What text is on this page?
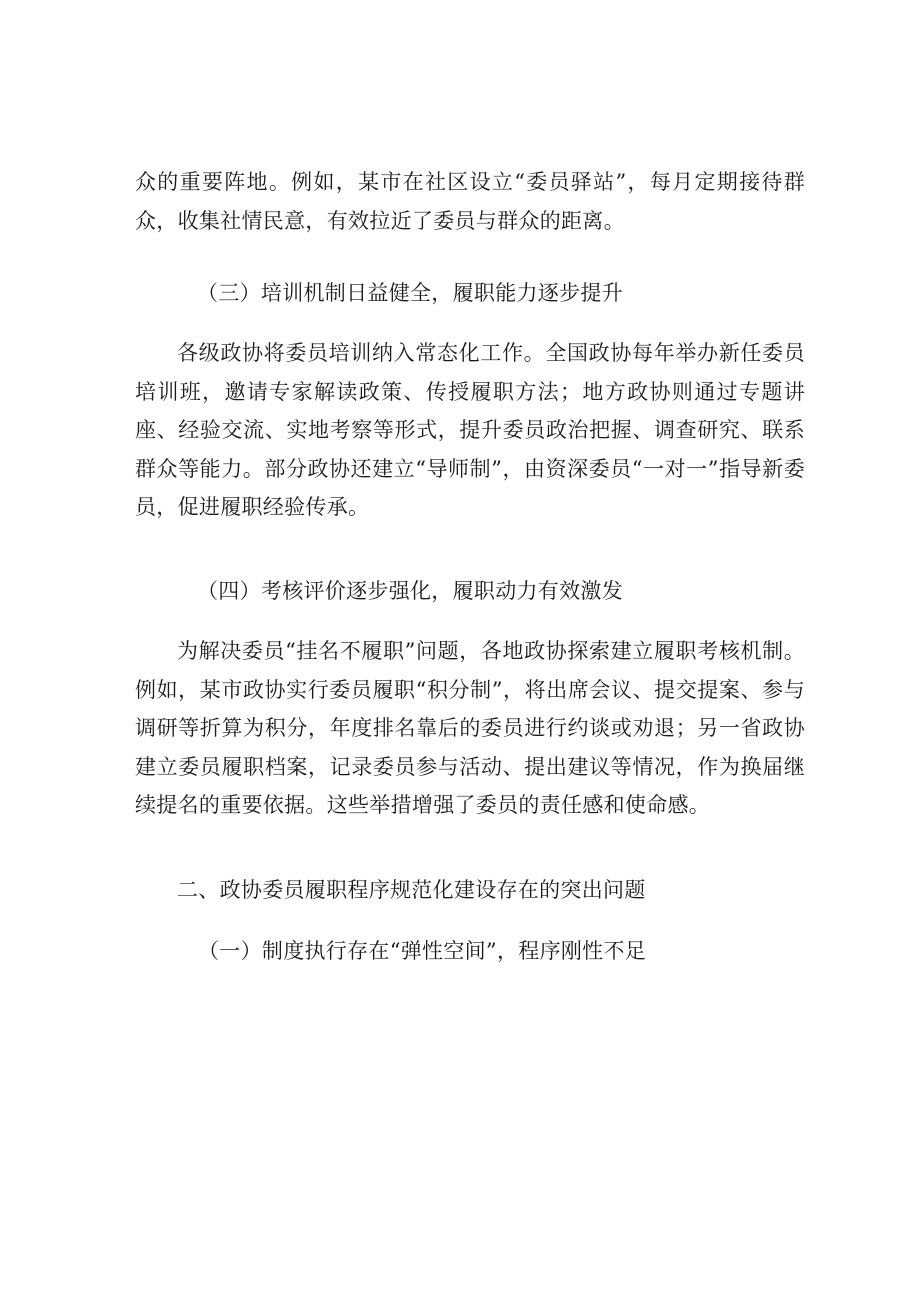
众的重要阵地。例如，某市在社区设立“委员驿站”，每月定期接待群众，收集社情民意，有效拉近了委员与群众的距离。

（三）培训机制日益健全，履职能力逐步提升

各级政协将委员培训纳入常态化工作。全国政协每年举办新任委员培训班，邀请专家解读政策、传授履职方法；地方政协则通过专题讲座、经验交流、实地考察等形式，提升委员政治把握、调查研究、联系群众等能力。部分政协还建立“导师制”，由资深委员“一对一”指导新委员，促进履职经验传承。

（四）考核评价逐步强化，履职动力有效激发

为解决委员“挂名不履职”问题，各地政协探索建立履职考核机制。例如，某市政协实行委员履职“积分制”，将出席会议、提交提案、参与调研等折算为积分，年度排名靠后的委员进行约谈或劝退；另一省政协建立委员履职档案，记录委员参与活动、提出建议等情况，作为换届继续提名的重要依据。这些举措增强了委员的责任感和使命感。

二、政协委员履职程序规范化建设存在的突出问题

（一）制度执行存在“弹性空间”，程序刚性不足
